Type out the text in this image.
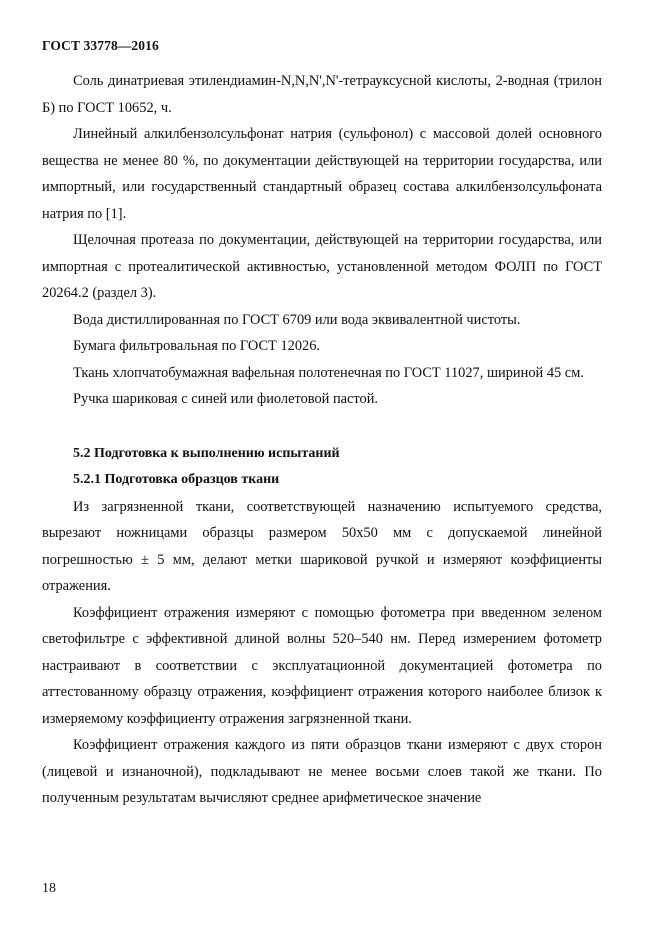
ГОСТ 33778—2016

Соль динатриевая этилендиамин-N,N,N',N'-тетрауксусной кислоты, 2-водная (трилон Б) по ГОСТ 10652, ч.

Линейный алкилбензолсульфонат натрия (сульфонол) с массовой долей основного вещества не менее 80 %, по документации действующей на территории государства, или импортный, или государственный стандартный образец состава алкилбензолсульфоната натрия по [1].

Щелочная протеаза по документации, действующей на территории государства, или импортная с протеалитической активностью, установленной методом ФОЛП по ГОСТ 20264.2 (раздел 3).

Вода дистиллированная по ГОСТ 6709 или вода эквивалентной чистоты.

Бумага фильтровальная по ГОСТ 12026.

Ткань хлопчатобумажная вафельная полотенечная по ГОСТ 11027, шириной 45 см.

Ручка шариковая с синей или фиолетовой пастой.

5.2 Подготовка к выполнению испытаний

5.2.1 Подготовка образцов ткани

Из загрязненной ткани, соответствующей назначению испытуемого средства, вырезают ножницами образцы размером 50х50 мм с допускаемой линейной погрешностью ± 5 мм, делают метки шариковой ручкой и измеряют коэффициенты отражения.

Коэффициент отражения измеряют с помощью фотометра при введенном зеленом светофильтре с эффективной длиной волны 520–540 нм. Перед измерением фотометр настраивают в соответствии с эксплуатационной документацией фотометра по аттестованному образцу отражения, коэффициент отражения которого наиболее близок к измеряемому коэффициенту отражения загрязненной ткани.

Коэффициент отражения каждого из пяти образцов ткани измеряют с двух сторон (лицевой и изнаночной), подкладывают не менее восьми слоев такой же ткани. По полученным результатам вычисляют среднее арифметическое значение

18
